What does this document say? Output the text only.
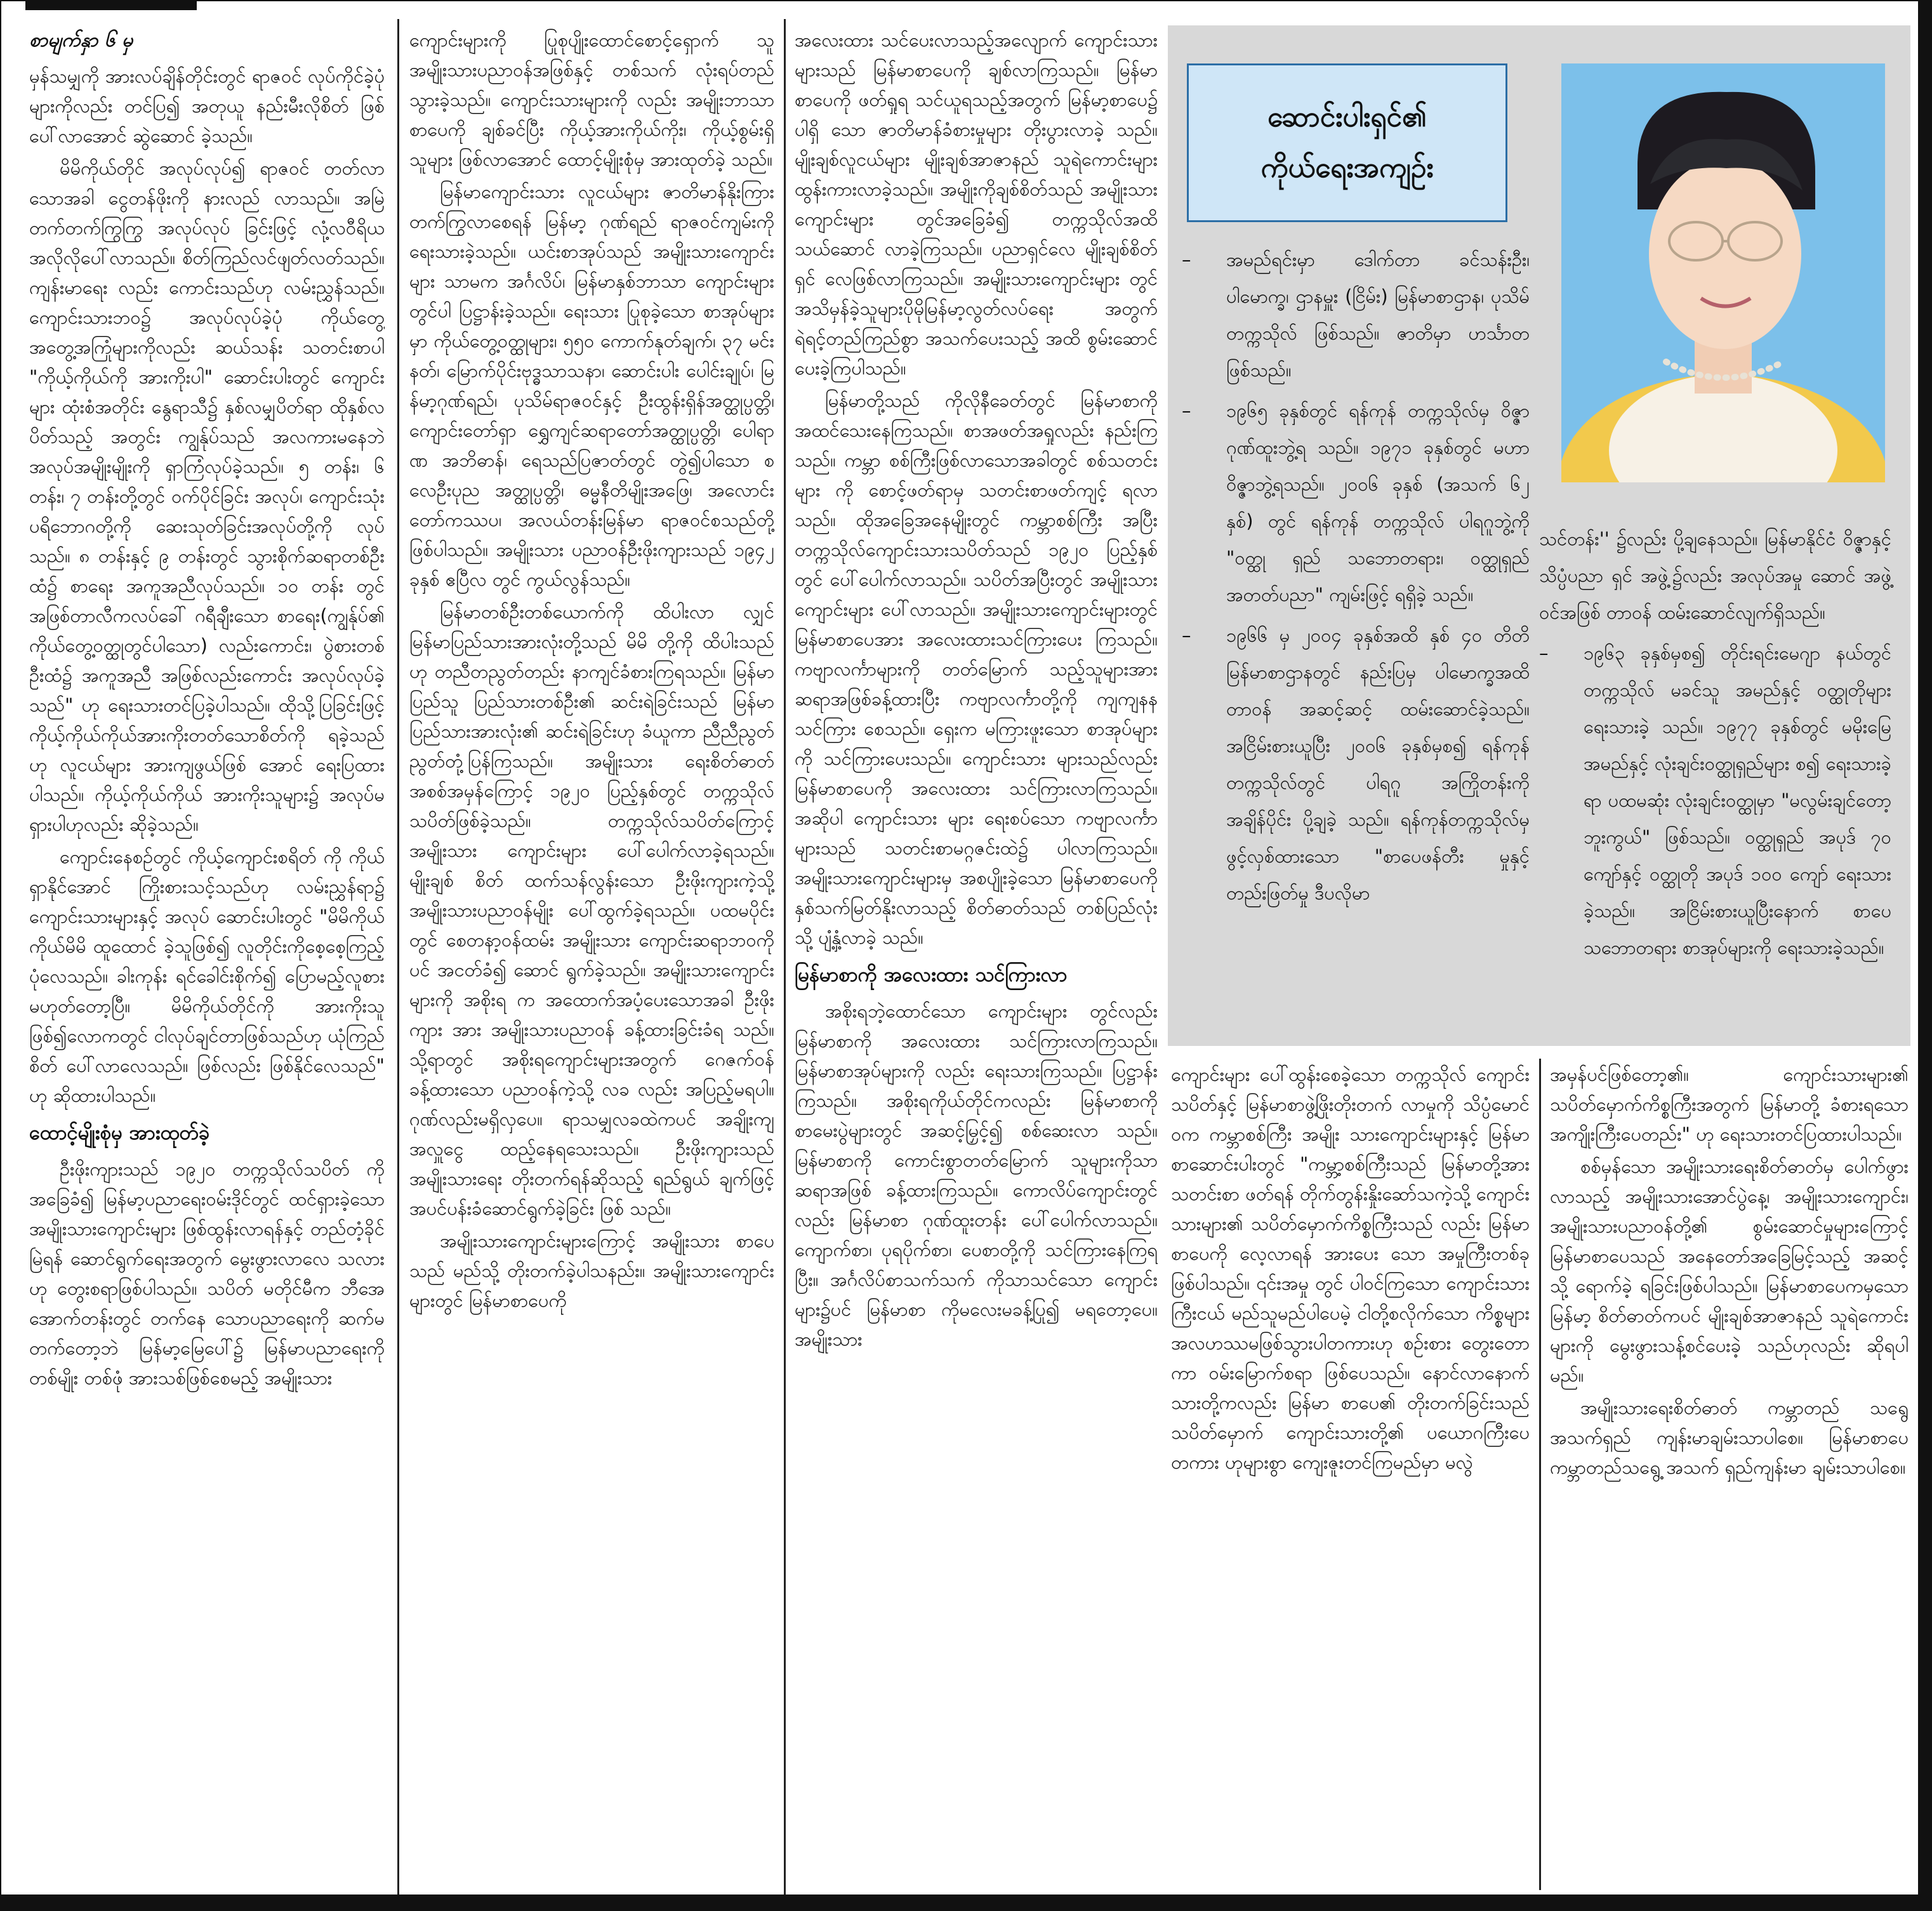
စာမျက်နှာ ၆ မှ

မှန်သမျှကို အားလပ်ချိန်တိုင်းတွင် ရာဇဝင် လုပ်ကိုင်ခဲ့ပုံများကိုလည်း တင်ပြ၍ အတုယူ နည်းမီးလိုစိတ် ဖြစ်ပေါ်လာအောင် ဆွဲဆောင် ခဲ့သည်။

မိမိကိုယ်တိုင် အလုပ်လုပ်၍ ရာဇဝင် တတ်လာသောအခါ ငွေတန်ဖိုးကို နားလည် လာသည်။ အမြဲတက်တက်ကြွကြွ အလုပ်လုပ် ခြင်းဖြင့် လုံ့လဝီရိယ အလိုလိုပေါ်လာသည်။ စိတ်ကြည်လင်ဖျတ်လတ်သည်။ ကျန်းမာရေး လည်း ကောင်းသည်ဟု လမ်းညွှန်သည်။ ကျောင်းသားဘဝ၌ အလုပ်လုပ်ခဲ့ပုံ ကိုယ်တွေ့ အတွေ့အကြုံများကိုလည်း ဆယ်သန်း သတင်းစာပါ "ကိုယ့်ကိုယ်ကို အားကိုးပါ" ဆောင်းပါးတွင် ကျောင်းများ ထုံးစံအတိုင်း နွေရာသီ၌ နှစ်လမျှပိတ်ရာ ထိုနှစ်လပိတ်သည့် အတွင်း ကျွန်ုပ်သည် အလကားမနေဘဲ အလုပ်အမျိုးမျိုးကို ရှာကြံလုပ်ခဲ့သည်။ ၅ တန်း၊ ၆ တန်း၊ ၇ တန်းတို့တွင် ဝက်ပိုင်ခြင်း အလုပ်၊ ကျောင်းသုံးပရိဘောဂတို့ကို ဆေးသုတ်ခြင်းအလုပ်တို့ကို လုပ်သည်။ ၈ တန်းနှင့် ၉ တန်းတွင် သွားစိုက်ဆရာတစ်ဦး ထံ၌ စာရေး အကူအညီလုပ်သည်။ ၁၀ တန်း တွင် အဖြစ်တာလီကလပ်ခေါ် ဂရီချီးသော စာရေး(ကျွန်ုပ်၏ ကိုယ်တွေ့ဝတ္ထုတွင်ပါသော) လည်းကောင်း၊ ပွဲစားတစ်ဦးထံ၌ အကူအညီ အဖြစ်လည်းကောင်း အလုပ်လုပ်ခဲ့သည်" ဟု ရေးသားတင်ပြခဲ့ပါသည်။ ထိုသို့ပြခြင်းဖြင့် ကိုယ့်ကိုယ်ကိုယ်အားကိုးတတ်သောစိတ်ကို ရခဲ့သည်ဟု လူငယ်များ အားကျဖွယ်ဖြစ် အောင် ရေးပြထားပါသည်။ ကိုယ့်ကိုယ်ကိုယ် အားကိုးသူများ၌ အလုပ်မရှားပါဟုလည်း ဆိုခဲ့သည်။

ကျောင်းနေစဉ်တွင် ကိုယ့်ကျောင်းစရိတ် ကို ကိုယ်ရှာနိုင်အောင် ကြိုးစားသင့်သည်ဟု လမ်းညွှန်ရာ၌ ကျောင်းသားများနှင့် အလုပ် ဆောင်းပါးတွင် "မိမိကိုယ်ကိုယ်မိမိ ထူထောင် ခဲ့သူဖြစ်၍ လူတိုင်းကိုစေ့စေ့ကြည့်ပုံလေသည်။ ခါးကုန်း ရင်ခေါင်းစိုက်၍ ပြောမည့်လူစား မဟုတ်တော့ပြီ။ မိမိကိုယ်တိုင်ကို အားကိုးသူ ဖြစ်၍လောကတွင် ငါလုပ်ချင်တာဖြစ်သည်ဟု ယုံကြည်စိတ် ပေါ်လာလေသည်။ ဖြစ်လည်း ဖြစ်နိုင်လေသည်" ဟု ဆိုထားပါသည်။

ထောင့်မျိုးစုံမှ အားထုတ်ခဲ့

ဦးဖိုးကျားသည် ၁၉၂၀ တက္ကသိုလ်သပိတ် ကို အခြေခံ၍ မြန်မာ့ပညာရေးဝမ်းဒိုင်တွင် ထင်ရှားခဲ့သော အမျိုးသားကျောင်းများ ဖြစ်ထွန်းလာရန်နှင့် တည်တံ့ခိုင်မြဲရန် ဆောင်ရွက်ရေးအတွက် မွေးဖွားလာလေ သလားဟု တွေးစရာဖြစ်ပါသည်။ သပိတ် မတိုင်မီက ဘီအေအောက်တန်းတွင် တက်နေ သောပညာရေးကို ဆက်မတက်တော့ဘဲ မြန်မာ့မြေပေါ်၌ မြန်မာပညာရေးကို တစ်မျိုး တစ်ဖုံ အားသစ်ဖြစ်စေမည့် အမျိုးသား

ကျောင်းများကို ပြုစုပျိုးထောင်စောင့်ရှောက် သူ အမျိုးသားပညာဝန်အဖြစ်နှင့် တစ်သက် လုံးရပ်တည်သွားခဲ့သည်။ ကျောင်းသားများကို လည်း အမျိုးဘာသာစာပေကို ချစ်ခင်ပြီး ကိုယ့်အားကိုယ်ကိုး၊ ကိုယ့်စွမ်းရှိသူများ ဖြစ်လာအောင် ထောင့်မျိုးစုံမှ အားထုတ်ခဲ့ သည်။

မြန်မာကျောင်းသား လူငယ်များ ဇာတိမာန်နိုးကြားတက်ကြွလာစေရန် မြန်မာ့ ဂုဏ်ရည် ရာဇဝင်ကျမ်းကို ရေးသားခဲ့သည်။ ယင်းစာအုပ်သည် အမျိုးသားကျောင်းများ သာမက အင်္ဂလိပ်၊ မြန်မာနှစ်ဘာသာ ကျောင်းများတွင်ပါ ပြဋ္ဌာန်းခဲ့သည်။ ရေးသား ပြုစုခဲ့သော စာအုပ်များမှာ ကိုယ်တွေ့ဝတ္ထုများ၊ ၅၅၀ ကောက်နုတ်ချက်၊ ၃၇ မင်းနတ်၊ မြောက်ပိုင်းဗုဒ္ဓသာသနာ၊ ဆောင်းပါး ပေါင်းချုပ်၊ မြန်မာ့ဂုဏ်ရည်၊ ပုသိမ်ရာဇဝင်နှင့် ဦးထွန်းရှိန်အတ္ထုပ္ပတ္တိ၊ ကျောင်းတော်ရှာ ရွှေကျင်ဆရာတော်အတ္ထုပ္ပတ္တိ၊ ပေါရာဏ အဘိဓာန်၊ ရေသည်ပြဇာတ်တွင် တွဲ၍ပါသော စလေဦးပုည အတ္ထုပ္ပတ္တိ၊ ဓမ္မနီတိမျိုးအဖြေ၊ အလောင်းတော်ကဿပ၊ အလယ်တန်းမြန်မာ ရာဇဝင်စသည်တို့ ဖြစ်ပါသည်။ အမျိုးသား ပညာဝန်ဦးဖိုးကျားသည် ၁၉၄၂ ခုနှစ် ဧပြီလ တွင် ကွယ်လွန်သည်။

မြန်မာတစ်ဦးတစ်ယောက်ကို ထိပါးလာ လျှင် မြန်မာပြည်သားအားလုံးတို့သည် မိမိ တို့ကို ထိပါးသည်ဟု တညီတညွတ်တည်း နာကျင်ခံစားကြရသည်။ မြန်မာပြည်သူ ပြည်သားတစ်ဦး၏ ဆင်းရဲခြင်းသည် မြန်မာ ပြည်သားအားလုံး၏ ဆင်းရဲခြင်းဟု ခံယူကာ ညီညီညွတ်ညွတ်တုံ့ပြန်ကြသည်။ အမျိုးသား ရေးစိတ်ဓာတ် အစစ်အမှန်ကြောင့် ၁၉၂၀ ပြည့်နှစ်တွင် တက္ကသိုလ်သပိတ်ဖြစ်ခဲ့သည်။ တက္ကသိုလ်သပိတ်ကြောင့် အမျိုးသား ကျောင်းများ ပေါ်ပေါက်လာခဲ့ရသည်။ မျိုးချစ် စိတ် ထက်သန်လွန်းသော ဦးဖိုးကျားကဲ့သို့ အမျိုးသားပညာဝန်မျိုး ပေါ်ထွက်ခဲ့ရသည်။ ပထမပိုင်းတွင် စေတနာ့ဝန်ထမ်း အမျိုးသား ကျောင်းဆရာဘဝကိုပင် အငတ်ခံ၍ ဆောင် ရွက်ခဲ့သည်။ အမျိုးသားကျောင်းများကို အစိုးရ က အထောက်အပံ့ပေးသောအခါ ဦးဖိုးကျား အား အမျိုးသားပညာဝန် ခန့်ထားခြင်းခံရ သည်။ သို့ရာတွင် အစိုးရကျောင်းများအတွက် ဂေဇက်ဝန်ခန့်ထားသော ပညာဝန်ကဲ့သို့ လခ လည်း အပြည့်မရပါ။ ဂုဏ်လည်းမရှိလှပေ။ ရာသမျှလခထဲကပင် အချိုးကျ အလှူငွေ ထည့်နေရသေးသည်။ ဦးဖိုးကျားသည် အမျိုးသားရေး တိုးတက်ရန်ဆိုသည့် ရည်ရွယ် ချက်ဖြင့် အပင်ပန်းခံဆောင်ရွက်ခဲ့ခြင်း ဖြစ် သည်။

အမျိုးသားကျောင်းများကြောင့် အမျိုးသား စာပေသည် မည်သို့ တိုးတက်ခဲ့ပါသနည်း။ အမျိုးသားကျောင်းများတွင် မြန်မာစာပေကို

အလေးထား သင်ပေးလာသည့်အလျောက် ကျောင်းသားများသည် မြန်မာစာပေကို ချစ်လာကြသည်။ မြန်မာစာပေကို ဖတ်ရှုရ သင်ယူရသည့်အတွက် မြန်မာ့စာပေ၌ ပါရှိ သော ဇာတိမာန်ခံစားမှုများ တိုးပွားလာခဲ့ သည်။ မျိုးချစ်လူငယ်များ မျိုးချစ်အာဇာနည် သူရဲကောင်းများ ထွန်းကားလာခဲ့သည်။ အမျိုးကိုချစ်စိတ်သည် အမျိုးသားကျောင်းများ တွင်အခြေခံ၍ တက္ကသိုလ်အထိ သယ်ဆောင် လာခဲ့ကြသည်။ ပညာရှင်လေ မျိုးချစ်စိတ်ရှင် လေဖြစ်လာကြသည်။ အမျိုးသားကျောင်းများ တွင် အသိမှန်ခဲ့သူများပိုမိုမြန်မာ့လွတ်လပ်ရေး အတွက် ရဲရင့်တည်ကြည်စွာ အသက်ပေးသည့် အထိ စွမ်းဆောင်ပေးခဲ့ကြပါသည်။

မြန်မာတို့သည် ကိုလိုနီခေတ်တွင် မြန်မာစာကို အထင်သေးနေကြသည်။ စာအဖတ်အရှုလည်း နည်းကြသည်။ ကမ္ဘာ စစ်ကြီးဖြစ်လာသောအခါတွင် စစ်သတင်းများ ကို စောင့်ဖတ်ရာမှ သတင်းစာဖတ်ကျင့် ရလာ သည်။ ထိုအခြေအနေမျိုးတွင် ကမ္ဘာစစ်ကြီး အပြီး တက္ကသိုလ်ကျောင်းသားသပိတ်သည် ၁၉၂၀ ပြည့်နှစ်တွင် ပေါ်ပေါက်လာသည်။ သပိတ်အပြီးတွင် အမျိုးသားကျောင်းများ ပေါ်လာသည်။ အမျိုးသားကျောင်းများတွင် မြန်မာစာပေအား အလေးထားသင်ကြားပေး ကြသည်။ ကဗျာလင်္ကာများကို တတ်မြောက် သည့်သူများအား ဆရာအဖြစ်ခန့်ထားပြီး ကဗျာလင်္ကာတို့ကို ကျကျနန သင်ကြား စေသည်။ ရှေးက မကြားဖူးသော စာအုပ်များ ကို သင်ကြားပေးသည်။ ကျောင်းသား များသည်လည်း မြန်မာစာပေကို အလေးထား သင်ကြားလာကြသည်။ အဆိုပါ ကျောင်းသား များ ရေးစပ်သော ကဗျာလင်္ကာများသည် သတင်းစာမဂ္ဂဇင်းထဲ၌ ပါလာကြသည်။ အမျိုးသားကျောင်းများမှ အစပျိုးခဲ့သော မြန်မာစာပေကို နှစ်သက်မြတ်နိုးလာသည့် စိတ်ဓာတ်သည် တစ်ပြည်လုံးသို့ ပျံ့နှံ့လာခဲ့ သည်။

မြန်မာစာကို အလေးထား သင်ကြားလာ

အစိုးရဘဲ့ထောင်သော ကျောင်းများ တွင်လည်း မြန်မာစာကို အလေးထား သင်ကြားလာကြသည်။ မြန်မာစာအုပ်များကို လည်း ရေးသားကြသည်။ ပြဋ္ဌာန်းကြသည်။ အစိုးရကိုယ်တိုင်ကလည်း မြန်မာစာကို စာမေးပွဲများတွင် အဆင့်မြှင့်၍ စစ်ဆေးလာ သည်။ မြန်မာစာကို ကောင်းစွာတတ်မြောက် သူများကိုသာ ဆရာအဖြစ် ခန့်ထားကြသည်။ ကောလိပ်ကျောင်းတွင်လည်း မြန်မာစာ ဂုဏ်ထူးတန်း ပေါ်ပေါက်လာသည်။ ကျောက်စာ၊ ပုရပိုက်စာ၊ ပေစာတို့ကို သင်ကြားနေကြရပြီး။ အင်္ဂလိပ်စာသက်သက် ကိုသာသင်သော ကျောင်းများ၌ပင် မြန်မာစာ ကိုမလေးမခန့်ပြု၍ မရတော့ပေ။ အမျိုးသား

ဆောင်းပါးရှင်၏
ကိုယ်ရေးအကျဉ်း
– အမည်ရင်းမှာ ဒေါက်တာ ခင်သန်းဦး၊ ပါမောက္ခ၊ ဌာနမှူး (ငြိမ်း) မြန်မာစာဌာန၊ ပုသိမ် တက္ကသိုလ် ဖြစ်သည်။ ဇာတိမှာ ဟင်္သာတဖြစ်သည်။
– ၁၉၆၅ ခုနှစ်တွင် ရန်ကုန် တက္ကသိုလ်မှ ဝိဇ္ဇာဂုဏ်ထူးဘွဲ့ရ သည်။ ၁၉၇၁ ခုနှစ်တွင် မဟာ ဝိဇ္ဇာဘွဲ့ရသည်။ ၂၀၀၆ ခုနှစ် (အသက် ၆၂ နှစ်) တွင် ရန်ကုန် တက္ကသိုလ် ပါရဂူဘွဲ့ကို "ဝတ္ထု ရှည် သဘောတရား၊ ဝတ္ထုရှည် အတတ်ပညာ" ကျမ်းဖြင့် ရရှိခဲ့ သည်။
– ၁၉၆၆ မှ ၂၀၀၄ ခုနှစ်အထိ နှစ် ၄၀ တိတိ မြန်မာစာဌာနတွင် နည်းပြမှ ပါမောက္ခအထိ တာဝန် အဆင့်ဆင့် ထမ်းဆောင်ခဲ့သည်။ အငြိမ်းစားယူပြီး ၂၀၀၆ ခုနှစ်မှစ၍ ရန်ကုန်တက္ကသိုလ်တွင် ပါရဂူ အကြိုတန်းကို အချိန်ပိုင်း ပို့ချခဲ့ သည်။ ရန်ကုန်တက္ကသိုလ်မှ ဖွင့်လှစ်ထားသော "စာပေဖန်တီး မှုနှင့် တည်းဖြတ်မှု ဒီပလိုမာ

သင်တန်း'' ၌လည်း ပို့ချနေသည်။ မြန်မာနိုင်ငံ ဝိဇ္ဇာနှင့် သိပ္ပံပညာ ရှင် အဖွဲ့၌လည်း အလုပ်အမှု ဆောင် အဖွဲ့ဝင်အဖြစ် တာဝန် ထမ်းဆောင်လျက်ရှိသည်။

– ၁၉၆၃ ခုနှစ်မှစ၍ တိုင်းရင်းမေဂျာ နယ်တွင် တက္ကသိုလ် မခင်သူ အမည်နှင့် ဝတ္ထုတိုများ ရေးသားခဲ့ သည်။ ၁၉၇၇ ခုနှစ်တွင် မမိုးမြေ အမည်နှင့် လုံးချင်းဝတ္ထုရှည်များ စ၍ ရေးသားခဲ့ရာ ပထမဆုံး လုံးချင်းဝတ္ထုမှာ "မလွမ်းချင်တော့ ဘူးကွယ်" ဖြစ်သည်။ ဝတ္ထုရှည် အပုဒ် ၇၀ ကျော်နှင့် ဝတ္ထုတို အပုဒ် ၁၀၀ ကျော် ရေးသားခဲ့သည်။ အငြိမ်းစားယူပြီးနောက် စာပေ သဘောတရား စာအုပ်များကို ရေးသားခဲ့သည်။

ကျောင်းများ ပေါ်ထွန်းစေခဲ့သော တက္ကသိုလ် ကျောင်းသပိတ်နှင့် မြန်မာစာဖွဲ့ဖြိုးတိုးတက် လာမှုကို သိပ္ပံမောင်ဝက ကမ္ဘာစစ်ကြီး အမျိုး သားကျောင်းများနှင့် မြန်မာစာဆောင်းပါးတွင် "ကမ္ဘာ့စစ်ကြီးသည် မြန်မာတို့အား သတင်းစာ ဖတ်ရန် တိုက်တွန်းနှိုးဆော်သကဲ့သို့ ကျောင်း သားများ၏ သပိတ်မှောက်ကိစ္စကြီးသည် လည်း မြန်မာစာပေကို လေ့လာရန် အားပေး သော အမှုကြီးတစ်ခု ဖြစ်ပါသည်။ ၎င်းအမှု တွင် ပါဝင်ကြသော ကျောင်းသား ကြီးငယ် မည်သူမည်ပါပေမဲ့ ငါတို့စလိုက်သော ကိစ္စများ အလဟဿမဖြစ်သွားပါတကားဟု စဉ်းစား တွေးတောကာ ဝမ်းမြောက်စရာ ဖြစ်ပေသည်။ နောင်လာနောက်သားတို့ကလည်း မြန်မာ စာပေ၏ တိုးတက်ခြင်းသည် သပိတ်မှောက် ကျောင်းသားတို့၏ ပယောဂကြီးပေတကား ဟုများစွာ ကျေးဇူးတင်ကြမည်မှာ မလွဲ

အမှန်ပင်ဖြစ်တော့၏။ ကျောင်းသားများ၏ သပိတ်မှောက်ကိစ္စကြီးအတွက် မြန်မာတို့ ခံစားရသော အကျိုးကြီးပေတည်း" ဟု ရေးသားတင်ပြထားပါသည်။

စစ်မှန်သော အမျိုးသားရေးစိတ်ဓာတ်မှ ပေါက်ဖွားလာသည့် အမျိုးသားအောင်ပွဲနေ့၊ အမျိုးသားကျောင်း၊ အမျိုးသားပညာဝန်တို့၏ စွမ်းဆောင်မှုများကြောင့် မြန်မာစာပေသည် အနေတော်အခြေမြင့်သည့် အဆင့်သို့ ရောက်ခဲ့ ရခြင်းဖြစ်ပါသည်။ မြန်မာစာပေကမှသော မြန်မာ့ စိတ်ဓာတ်ကပင် မျိုးချစ်အာဇာနည် သူရဲကောင်းများကို မွေးဖွားသန့်စင်ပေးခဲ့ သည်ဟုလည်း ဆိုရပါမည်။

အမျိုးသားရေးစိတ်ဓာတ် ကမ္ဘာတည် သရွေ့ အသက်ရှည် ကျန်းမာချမ်းသာပါစေ။ မြန်မာစာပေ ကမ္ဘာတည်သရွေ့ အသက် ရှည်ကျန်းမာ ချမ်းသာပါစေ။
